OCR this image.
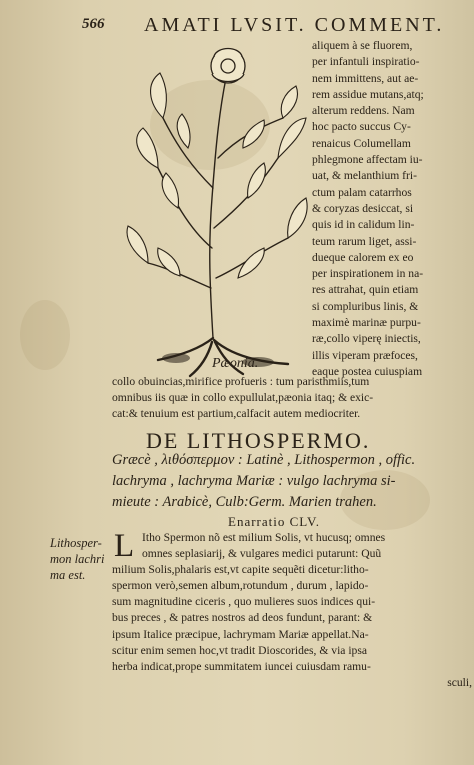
566 AMATI LVSIT. COMMENT.
Pæonia.
aliquem à se fluorem,
per infantuli inspiratio-
nem immittens, aut ae-
rem assidue mutans,atq;
alterum reddens. Nam
hoc pacto succus Cy-
renaicus Columellam
phlegmone affectam iu-
uat, & melanthium fri-
ctum palam catarrhos
& coryzas desiccat, si
quis id in calidum lin-
teum rarum liget, assi-
dueque calorem ex eo
per inspirationem in na-
res attrahat, quin etiam
si compluribus linis, &
maximè marinæ purpu-
ræ,collo viperę iniectis,
illis viperam præfoces,
eaque postea cuiuspiam
collo obuincias,mirifice profueris : tum paristhmiis,tum
omnibus iis quæ in collo expullulat,pæonia itaq; & exic-
cat:& tenuium est partium,calfacit autem mediocriter.
DE LITHOSPERMO.
Græcè , λιθόσπερμον : Latinè , Lithospermon , offic.
lachryma , lachryma Mariæ : vulgo lachryma si-
mieute : Arabicè, Culb:Germ. Marien trahen.
Enarratio CLV.
Lithosper-
mon lachri
ma est.
L Itho Spermon nõ est milium Solis, vt hucusq; omnes
omnes seplasiarij, & vulgares medici putarunt: Quũ
milium Solis,phalaris est,vt capite sequẽti dicetur:litho-
spermon verò,semen album,rotundum , durum , lapido-
sum magnitudine ciceris , quo mulieres suos indices qui-
bus preces , & patres nostros ad deos fundunt, parant: &
ipsum Italice præcipue, lachrymam Mariæ appellat.Na-
scitur enim semen hoc,vt tradit Dioscorides, & via ipsa
herba indicat,prope summitatem iuncei cuiusdam ramu-
sculi,
